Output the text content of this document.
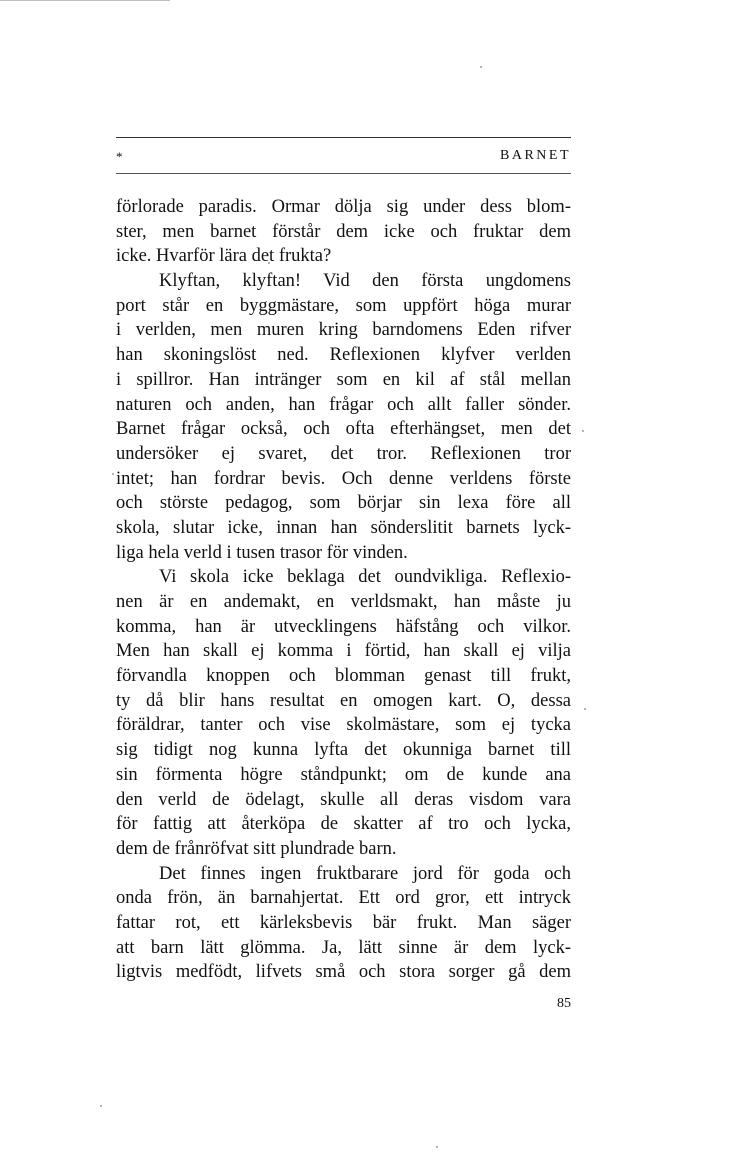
*	BARNET
förlorade paradis. Ormar dölja sig under dess blom-
ster, men barnet förstår dem icke och fruktar dem
icke. Hvarför lära det frukta?
Klyftan, klyftan! Vid den första ungdomens
port står en byggmästare, som uppfört höga murar
i verlden, men muren kring barndomens Eden rifver
han skoningslöst ned. Reflexionen klyfver verlden
i spillror. Han intränger som en kil af stål mellan
naturen och anden, han frågar och allt faller sönder.
Barnet frågar också, och ofta efterhängset, men det
undersöker ej svaret, det tror. Reflexionen tror
intet; han fordrar bevis. Och denne verldens förste
och störste pedagog, som börjar sin lexa före all
skola, slutar icke, innan han sönderslitit barnets lyck-
liga hela verld i tusen trasor för vinden.
Vi skola icke beklaga det oundvikliga. Reflexio-
nen är en andemakt, en verldsmakt, han måste ju
komma, han är utvecklingens häfstång och vilkor.
Men han skall ej komma i förtid, han skall ej vilja
förvandla knoppen och blomman genast till frukt,
ty då blir hans resultat en omogen kart. O, dessa
föräldrar, tanter och vise skolmästare, som ej tycka
sig tidigt nog kunna lyfta det okunniga barnet till
sin förmenta högre ståndpunkt; om de kunde ana
den verld de ödelagt, skulle all deras visdom vara
för fattig att återköpa de skatter af tro och lycka,
dem de frånröfvat sitt plundrade barn.
Det finnes ingen fruktbarare jord för goda och
onda frön, än barnahjertat. Ett ord gror, ett intryck
fattar rot, ett kärleksbevis bär frukt. Man säger
att barn lätt glömma. Ja, lätt sinne är dem lyck-
ligtvis medfödt, lifvets små och stora sorger gå dem
85
